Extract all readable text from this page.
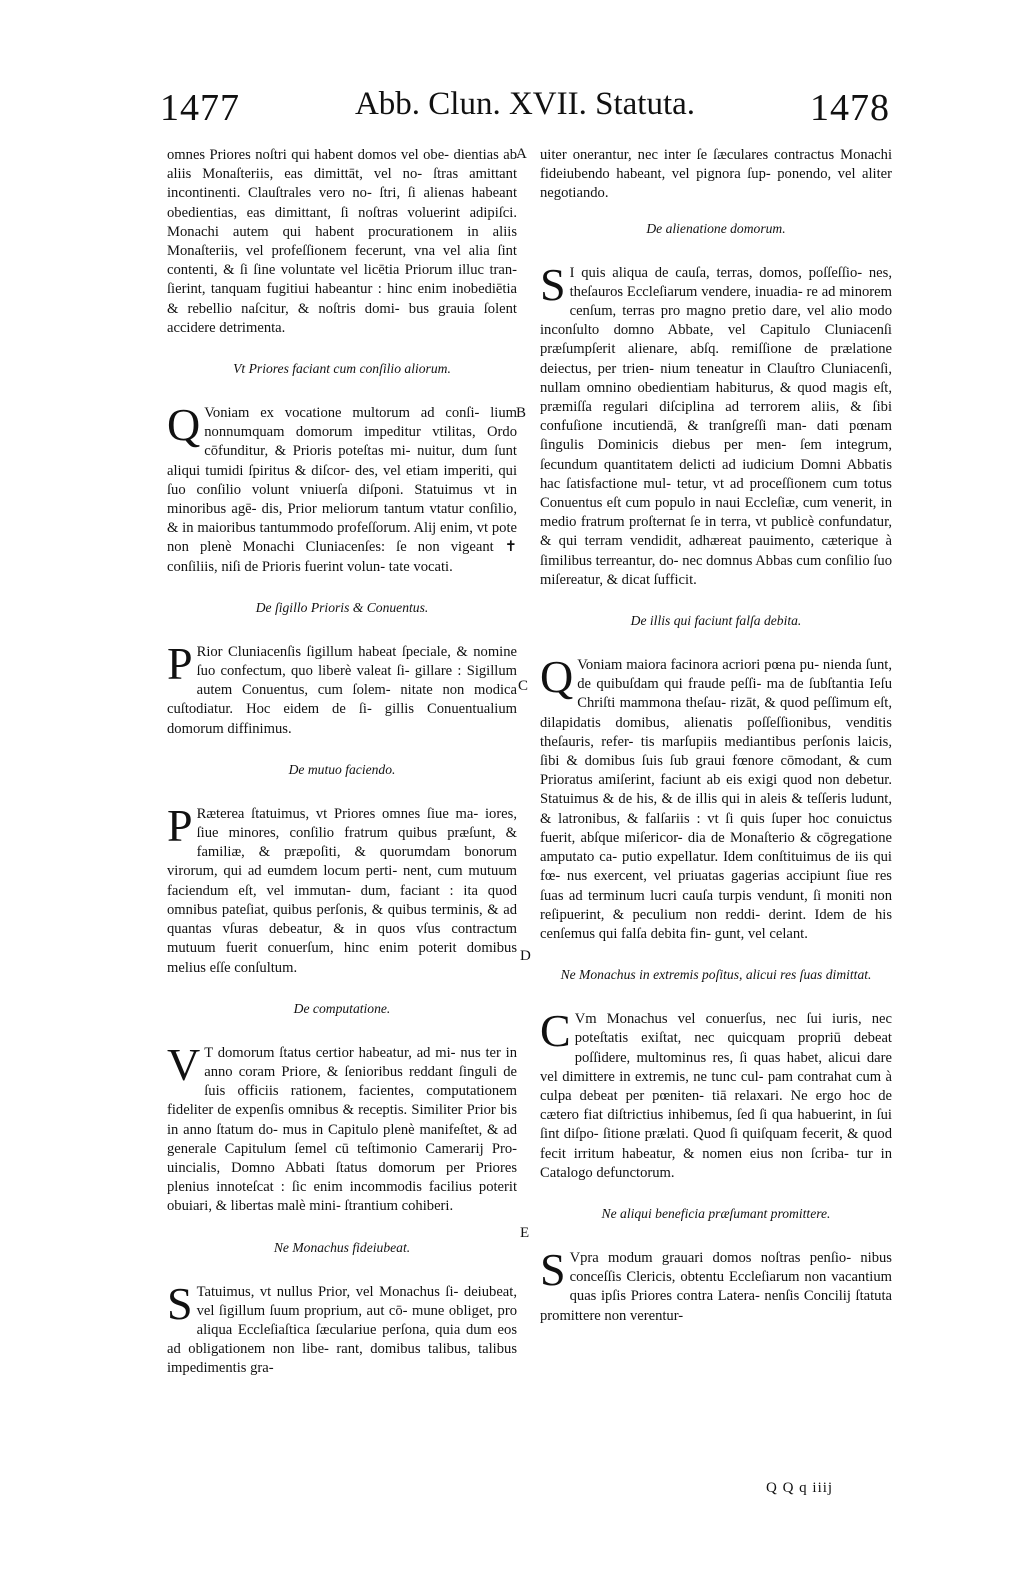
1477	Abb. Clun. XVII. Statuta.	1478
A
B
C
D
E

omnes Priores noſtri qui habent domos vel obe- dientias ab aliis Monaſteriis, eas dimittāt, vel no- ſtras amittant incontinenti. Clauſtrales vero no- ſtri, ſi alienas habeant obedientias, eas dimittant, ſi noſtras voluerint adipiſci. Monachi autem qui habent procurationem in aliis Monaſteriis, vel profeſſionem fecerunt, vna vel alia ſint contenti, & ſi ſine voluntate vel licētia Priorum illuc tran- ſierint, tanquam fugitiui habeantur : hinc enim inobediētia & rebellio naſcitur, & noſtris domi- bus grauia ſolent accidere detrimenta.

Vt Priores faciant cum conſilio aliorum.

Q Voniam ex vocatione multorum ad conſi- lium nonnumquam domorum impeditur vtilitas, Ordo cōfunditur, & Prioris poteſtas mi- nuitur, dum ſunt aliqui tumidi ſpiritus & diſcor- des, vel etiam imperiti, qui ſuo conſilio volunt vniuerſa diſponi. Statuimus vt in minoribus agē- dis, Prior meliorum tantum vtatur conſilio, & in maioribus tantummodo profeſſorum. Alij enim, vt pote non plenè Monachi Cluniacenſes: ſe non vigeant ✝ conſiliis, niſi de Prioris fuerint volun- tate vocati.

De ſigillo Prioris & Conuentus.

P Rior Cluniacenſis ſigillum habeat ſpeciale, & nomine ſuo confectum, quo liberè valeat ſi- gillare : Sigillum autem Conuentus, cum ſolem- nitate non modica cuſtodiatur. Hoc eidem de ſi- gillis Conuentualium domorum diffinimus.

De mutuo faciendo.

P Ræterea ſtatuimus, vt Priores omnes ſiue ma- iores, ſiue minores, conſilio fratrum quibus præſunt, & familiæ, & præpoſiti, & quorumdam bonorum virorum, qui ad eumdem locum perti- nent, cum mutuum faciendum eſt, vel immutan- dum, faciant : ita quod omnibus pateſiat, quibus perſonis, & quibus terminis, & ad quantas vſuras debeatur, & in quos vſus contractum mutuum fuerit conuerſum, hinc enim poterit domibus melius eſſe conſultum.

De computatione.

V T domorum ſtatus certior habeatur, ad mi- nus ter in anno coram Priore, & ſenioribus reddant ſinguli de ſuis officiis rationem, facientes, computationem fideliter de expenſis omnibus & receptis. Similiter Prior bis in anno ſtatum do- mus in Capitulo plenè manifeſtet, & ad generale Capitulum ſemel cū teſtimonio Camerarij Pro- uincialis, Domno Abbati ſtatus domorum per Priores plenius innoteſcat : ſic enim incommodis facilius poterit obuiari, & libertas malè mini- ſtrantium cohiberi.

Ne Monachus fideiubeat.

S Tatuimus, vt nullus Prior, vel Monachus ſi- deiubeat, vel ſigillum ſuum proprium, aut cō- mune obliget, pro aliqua Eccleſiaſtica ſæculariue perſona, quia dum eos ad obligationem non libe- rant, domibus talibus, talibus impedimentis gra-

uiter onerantur, nec inter ſe ſæculares contractus Monachi fideiubendo habeant, vel pignora ſup- ponendo, vel aliter negotiando.

De alienatione domorum.

S I quis aliqua de cauſa, terras, domos, poſſeſſio- nes, theſauros Eccleſiarum vendere, inuadia- re ad minorem cenſum, terras pro magno pretio dare, vel alio modo inconſulto domno Abbate, vel Capitulo Cluniacenſi præſumpſerit alienare, abſq. remiſſione de prælatione deiectus, per trien- nium teneatur in Clauſtro Cluniacenſi, nullam omnino obedientiam habiturus, & quod magis eſt, præmiſſa regulari diſciplina ad terrorem aliis, & ſibi confuſione incutiendā, & tranſgreſſi man- dati pœnam ſingulis Dominicis diebus per men- ſem integrum, ſecundum quantitatem delicti ad iudicium Domni Abbatis hac ſatisfactione mul- tetur, vt ad proceſſionem cum totus Conuentus eſt cum populo in naui Eccleſiæ, cum venerit, in medio fratrum proſternat ſe in terra, vt publicè confundatur, & qui terram vendidit, adhæreat pauimento, cæterique à ſimilibus terreantur, do- nec domnus Abbas cum conſilio ſuo miſereatur, & dicat ſufficit.

De illis qui faciunt falſa debita.

Q Voniam maiora facinora acriori pœna pu- nienda ſunt, de quibuſdam qui fraude peſſi- ma de ſubſtantia Ieſu Chriſti mammona theſau- rizāt, & quod peſſimum eſt, dilapidatis domibus, alienatis poſſeſſionibus, venditis theſauris, refer- tis marſupiis mediantibus perſonis laicis, ſibi & domibus ſuis ſub graui fœnore cōmodant, & cum Prioratus amiſerint, faciunt ab eis exigi quod non debetur. Statuimus & de his, & de illis qui in aleis & teſſeris ludunt, & latronibus, & falſariis : vt ſi quis ſuper hoc conuictus fuerit, abſque miſericor- dia de Monaſterio & cōgregatione amputato ca- putio expellatur. Idem conſtituimus de iis qui fœ- nus exercent, vel priuatas gagerias accipiunt ſiue res ſuas ad terminum lucri cauſa turpis vendunt, ſi moniti non reſipuerint, & peculium non reddi- derint. Idem de his cenſemus qui falſa debita fin- gunt, vel celant.

Ne Monachus in extremis poſitus, alicui res ſuas dimittat.

C Vm Monachus vel conuerſus, nec ſui iuris, nec poteſtatis exiſtat, nec quicquam propriū debeat poſſidere, multominus res, ſi quas habet, alicui dare vel dimittere in extremis, ne tunc cul- pam contrahat cum à culpa debeat per pœniten- tiā relaxari. Ne ergo hoc de cætero fiat diſtrictius inhibemus, ſed ſi qua habuerint, in ſui ſint diſpo- ſitione prælati. Quod ſi quiſquam fecerit, & quod fecit irritum habeatur, & nomen eius non ſcriba- tur in Catalogo defunctorum.

Ne aliqui beneficia præſumant promittere.

S Vpra modum grauari domos noſtras penſio- nibus conceſſis Clericis, obtentu Eccleſiarum non vacantium quas ipſis Priores contra Latera- nenſis Concilij ſtatuta promittere non verentur-

Q Q q iiij
